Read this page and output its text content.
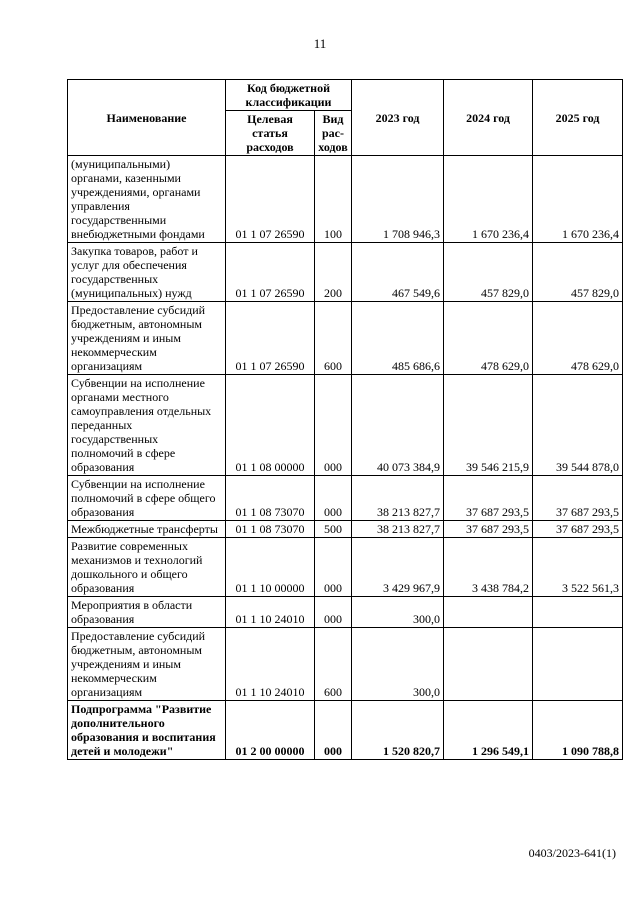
11
Наименование	Код бюджетной классификации		2023 год	2024 год	2025 год
	Целевая статья расходов	Вид рас-ходов			
(муниципальными) органами, казенными учреждениями, органами управления государственными внебюджетными фондами	01 1 07 26590	100	1 708 946,3	1 670 236,4	1 670 236,4
Закупка товаров, работ и услуг для обеспечения государственных (муниципальных) нужд	01 1 07 26590	200	467 549,6	457 829,0	457 829,0
Предоставление субсидий бюджетным, автономным учреждениям и иным некоммерческим организациям	01 1 07 26590	600	485 686,6	478 629,0	478 629,0
Субвенции на исполнение органами местного самоуправления отдельных переданных государственных полномочий в сфере образования	01 1 08 00000	000	40 073 384,9	39 546 215,9	39 544 878,0
Субвенции на исполнение полномочий в сфере общего образования	01 1 08 73070	000	38 213 827,7	37 687 293,5	37 687 293,5
Межбюджетные трансферты	01 1 08 73070	500	38 213 827,7	37 687 293,5	37 687 293,5
Развитие современных механизмов и технологий дошкольного и общего образования	01 1 10 00000	000	3 429 967,9	3 438 784,2	3 522 561,3
Мероприятия в области образования	01 1 10 24010	000	300,0		
Предоставление субсидий бюджетным, автономным учреждениям и иным некоммерческим организациям	01 1 10 24010	600	300,0		
Подпрограмма "Развитие дополнительного образования и воспитания детей и молодежи"	01 2 00 00000	000	1 520 820,7	1 296 549,1	1 090 788,8
0403/2023-641(1)
